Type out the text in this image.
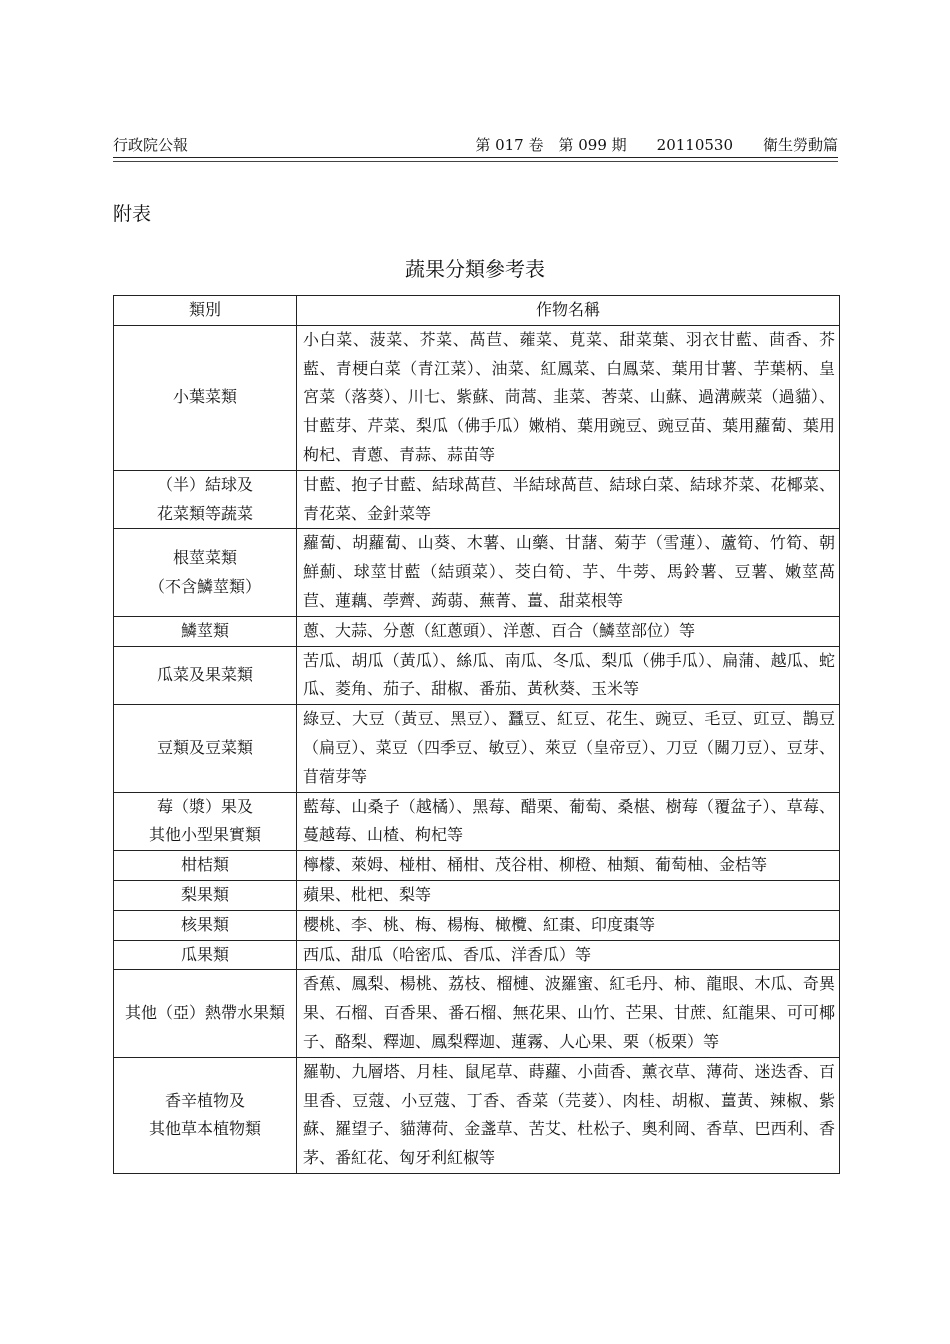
行政院公報	第 017 卷　第 099 期　　20110530　　衛生勞動篇
附表
蔬果分類參考表
類別	作物名稱

小葉菜類	小白菜、菠菜、芥菜、萵苣、蕹菜、莧菜、甜菜葉、羽衣甘藍、茴香、芥藍、青梗白菜（青江菜）、油菜、紅鳳菜、白鳳菜、葉用甘薯、芋葉柄、皇宮菜（落葵）、川七、紫蘇、茼蒿、韭菜、莕菜、山蘇、過溝蕨菜（過貓）、甘藍芽、芹菜、梨瓜（佛手瓜）嫩梢、葉用豌豆、豌豆苗、葉用蘿蔔、葉用枸杞、青蔥、青蒜、蒜苗等

（半）結球及
花菜類等蔬菜	甘藍、抱子甘藍、結球萵苣、半結球萵苣、結球白菜、結球芥菜、花椰菜、青花菜、金針菜等

根莖菜類
（不含鱗莖類）	蘿蔔、胡蘿蔔、山葵、木薯、山藥、甘藷、菊芋（雪蓮）、蘆筍、竹筍、朝鮮薊、球莖甘藍（結頭菜）、茭白筍、芋、牛蒡、馬鈴薯、豆薯、嫩莖萵苣、蓮藕、荸薺、蒟蒻、蕪菁、薑、甜菜根等

鱗莖類	蔥、大蒜、分蔥（紅蔥頭）、洋蔥、百合（鱗莖部位）等

瓜菜及果菜類	苦瓜、胡瓜（黃瓜）、絲瓜、南瓜、冬瓜、梨瓜（佛手瓜）、扁蒲、越瓜、蛇瓜、菱角、茄子、甜椒、番茄、黃秋葵、玉米等

豆類及豆菜類	綠豆、大豆（黃豆、黑豆）、蠶豆、紅豆、花生、豌豆、毛豆、豇豆、鵲豆（扁豆）、菜豆（四季豆、敏豆）、萊豆（皇帝豆）、刀豆（關刀豆）、豆芽、苜蓿芽等

莓（漿）果及
其他小型果實類	藍莓、山桑子（越橘）、黑莓、醋栗、葡萄、桑椹、樹莓（覆盆子）、草莓、蔓越莓、山楂、枸杞等

柑桔類	檸檬、萊姆、椪柑、桶柑、茂谷柑、柳橙、柚類、葡萄柚、金桔等

梨果類	蘋果、枇杷、梨等

核果類	櫻桃、李、桃、梅、楊梅、橄欖、紅棗、印度棗等

瓜果類	西瓜、甜瓜（哈密瓜、香瓜、洋香瓜）等

其他（亞）熱帶水果類	香蕉、鳳梨、楊桃、荔枝、榴槤、波羅蜜、紅毛丹、柿、龍眼、木瓜、奇異果、石榴、百香果、番石榴、無花果、山竹、芒果、甘蔗、紅龍果、可可椰子、酪梨、釋迦、鳳梨釋迦、蓮霧、人心果、栗（板栗）等

香辛植物及
其他草本植物類	羅勒、九層塔、月桂、鼠尾草、蒔蘿、小茴香、薰衣草、薄荷、迷迭香、百里香、豆蔻、小豆蔻、丁香、香菜（芫荽）、肉桂、胡椒、薑黃、辣椒、紫蘇、羅望子、貓薄荷、金盞草、苦艾、杜松子、奧利岡、香草、巴西利、香茅、番紅花、匈牙利紅椒等
